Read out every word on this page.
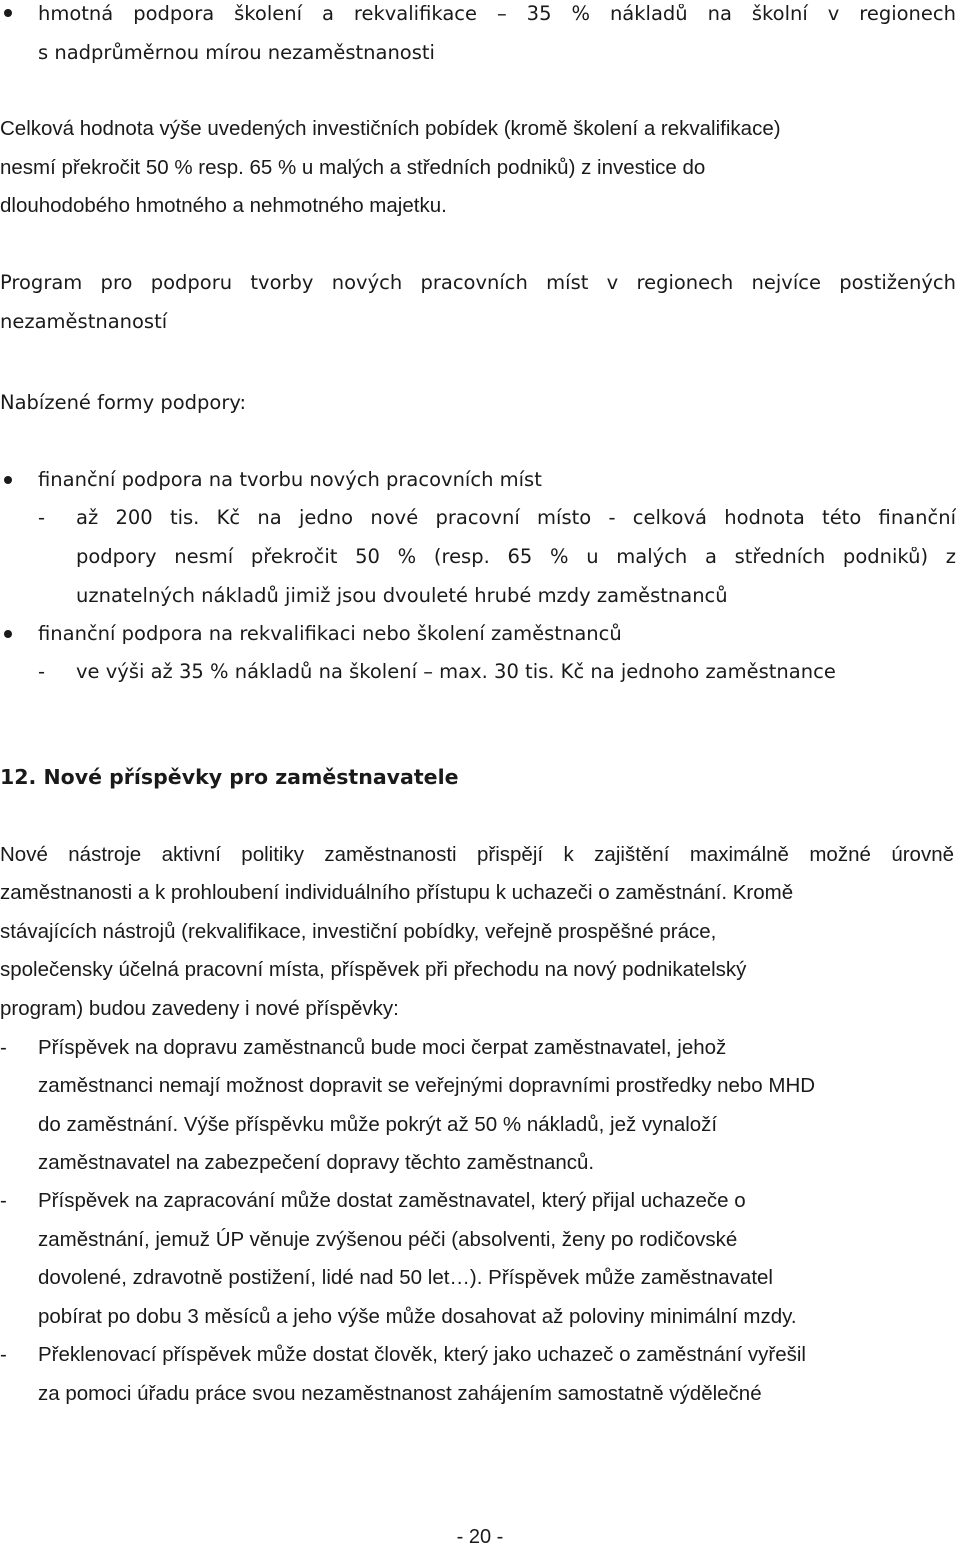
hmotná podpora školení a rekvalifikace – 35 % nákladů na školní v regionech
s nadprůměrnou mírou nezaměstnanosti
Celková hodnota výše uvedených investičních pobídek (kromě školení a rekvalifikace)
nesmí překročit 50 % resp. 65 % u malých a středních podniků) z investice do
dlouhodobého hmotného a nehmotného majetku.
Program pro podporu tvorby nových pracovních míst v regionech nejvíce postižených
nezaměstnaností
Nabízené formy podpory:
finanční podpora na tvorbu nových pracovních míst
- až 200 tis. Kč na jedno nové pracovní místo - celková hodnota této finanční
podpory nesmí překročit 50 % (resp. 65 % u malých a středních podniků) z
uznatelných nákladů jimiž jsou dvouleté hrubé mzdy zaměstnanců
finanční podpora na rekvalifikaci nebo školení zaměstnanců
- ve výši až 35 % nákladů na školení – max. 30 tis. Kč na jednoho zaměstnance
12. Nové příspěvky pro zaměstnavatele
Nové nástroje aktivní politiky zaměstnanosti přispějí k zajištění maximálně možné úrovně
zaměstnanosti a k prohloubení individuálního přístupu k uchazeči o zaměstnání. Kromě
stávajících nástrojů (rekvalifikace, investiční pobídky, veřejně prospěšné práce,
společensky účelná pracovní místa, příspěvek při přechodu na nový podnikatelský
program) budou zavedeny i nové příspěvky:
- Příspěvek na dopravu zaměstnanců bude moci čerpat zaměstnavatel, jehož
zaměstnanci nemají možnost dopravit se veřejnými dopravními prostředky nebo MHD
do zaměstnání. Výše příspěvku může pokrýt až 50 % nákladů, jež vynaloží
zaměstnavatel na zabezpečení dopravy těchto zaměstnanců.
- Příspěvek na zapracování může dostat zaměstnavatel, který přijal uchazeče o
zaměstnání, jemuž ÚP věnuje zvýšenou péči (absolventi, ženy po rodičovské
dovolené, zdravotně postižení, lidé nad 50 let…). Příspěvek může zaměstnavatel
pobírat po dobu 3 měsíců a jeho výše může dosahovat až poloviny minimální mzdy.
- Překlenovací příspěvek může dostat člověk, který jako uchazeč o zaměstnání vyřešil
za pomoci úřadu práce svou nezaměstnanost zahájením samostatně výdělečné
- 20 -
